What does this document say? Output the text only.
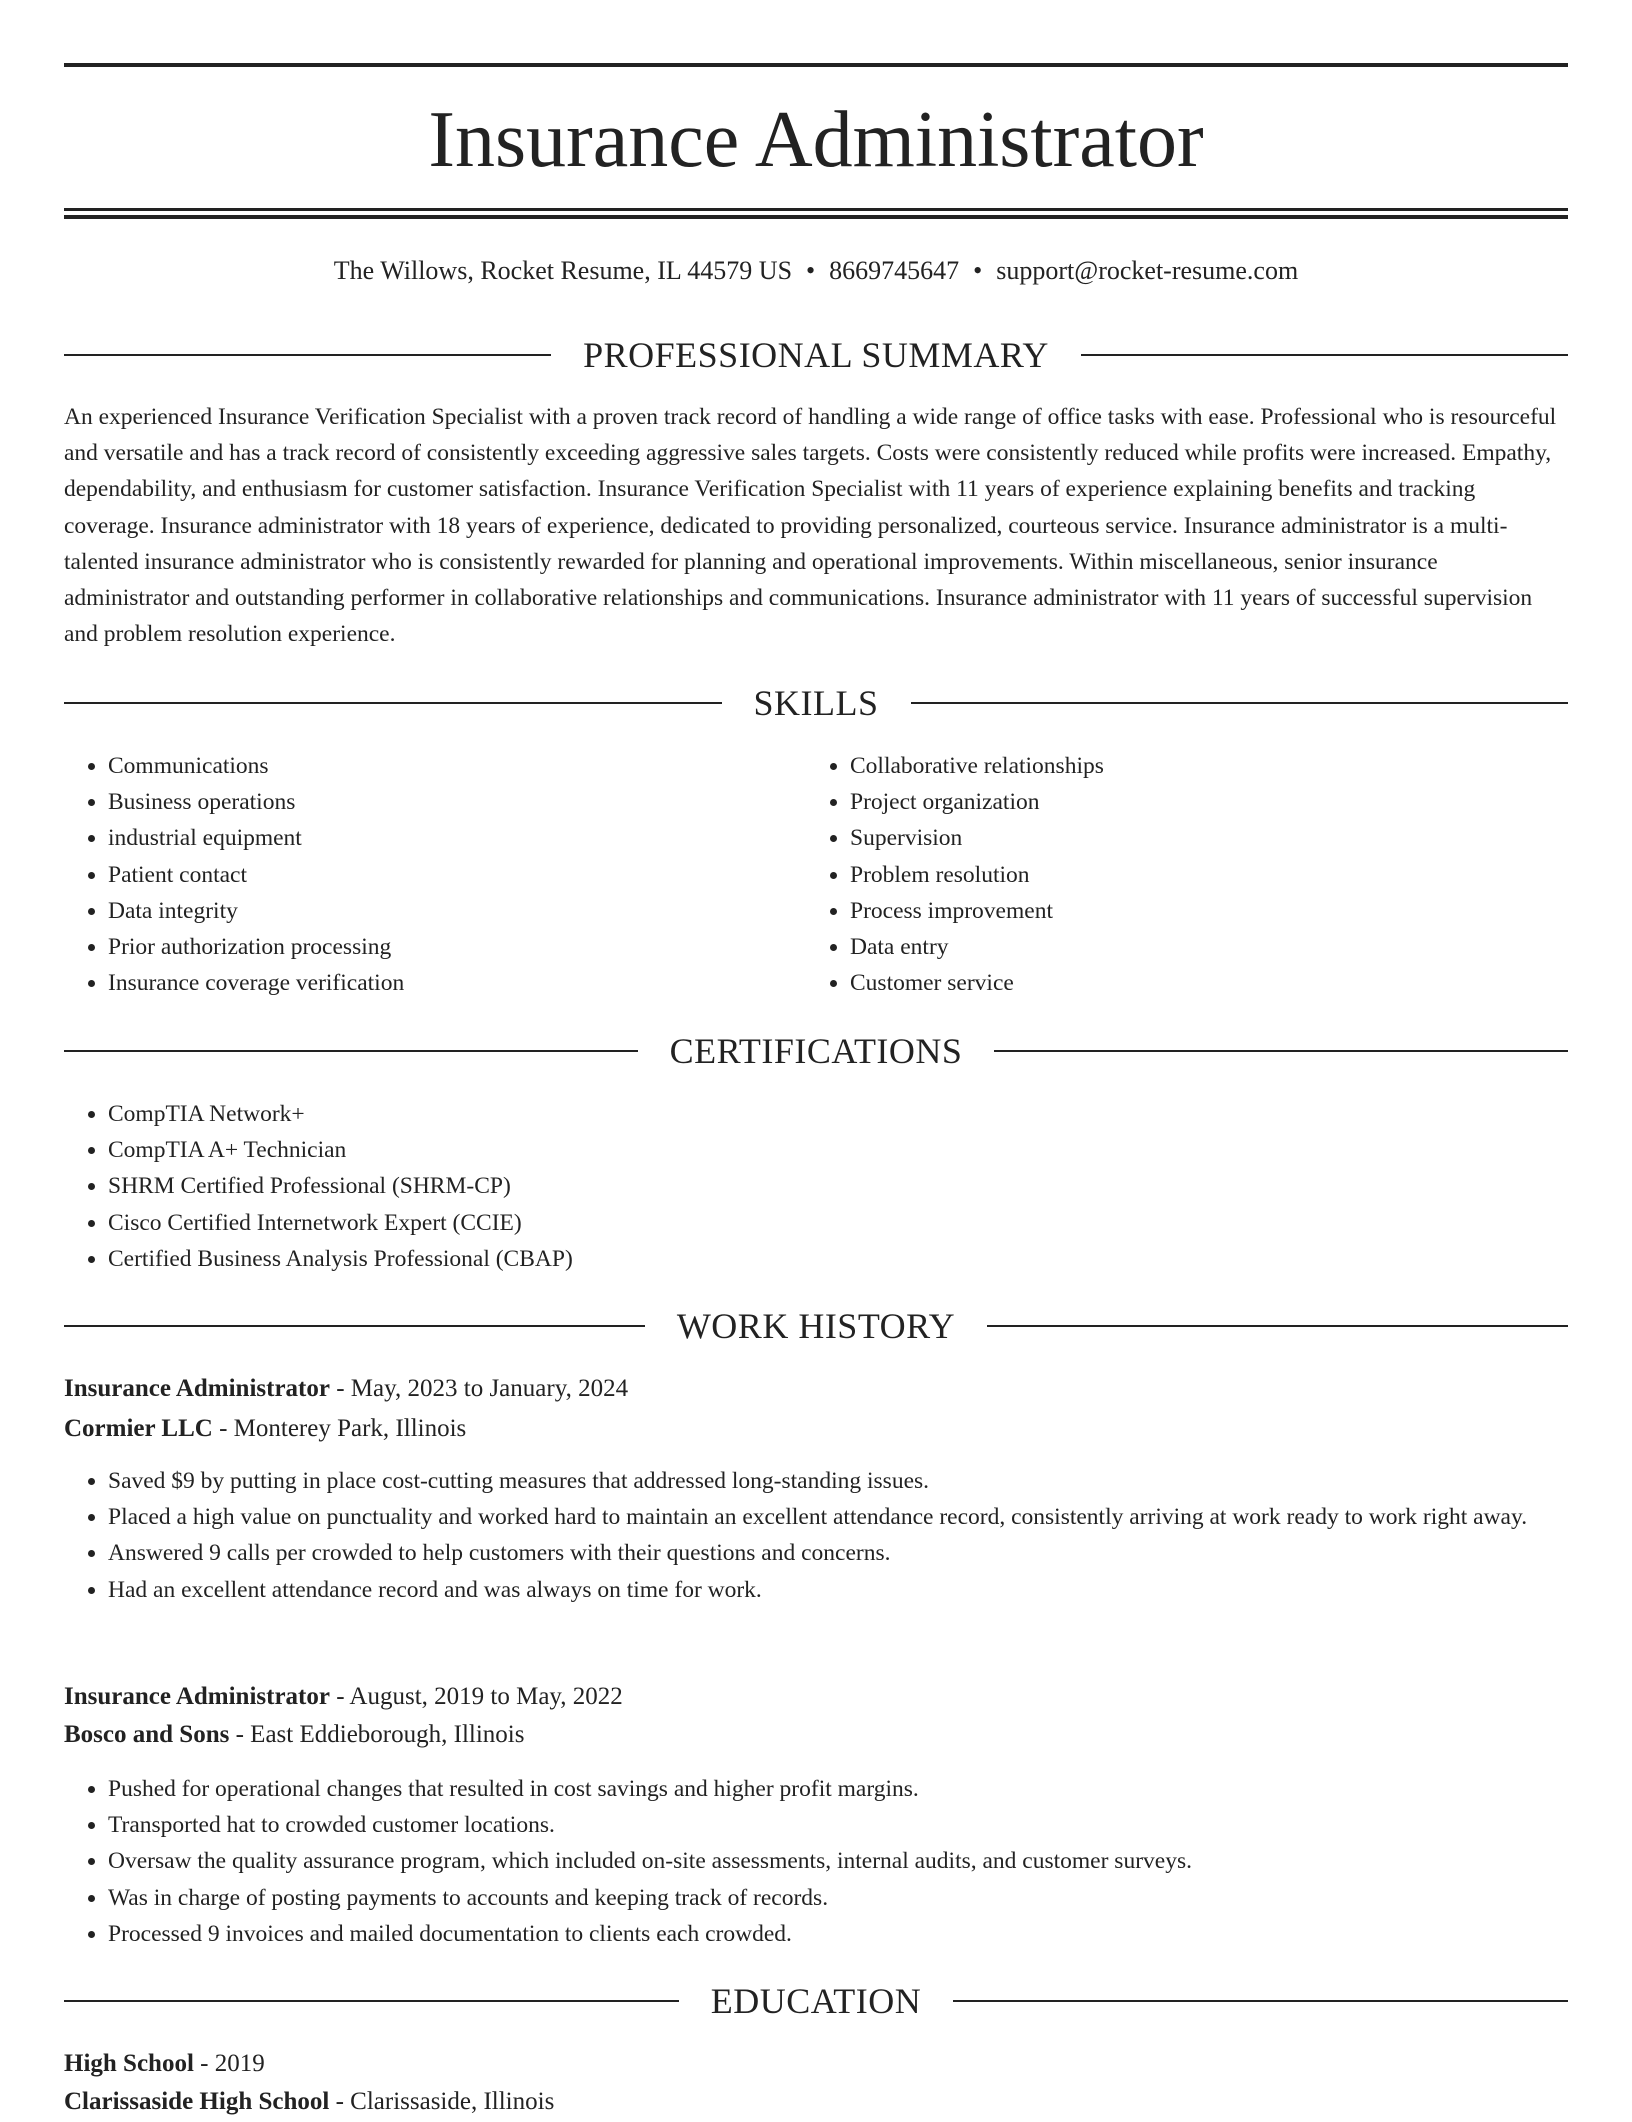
Insurance Administrator
The Willows, Rocket Resume, IL 44579 US • 8669745647 • support@rocket-resume.com
PROFESSIONAL SUMMARY

An experienced Insurance Verification Specialist with a proven track record of handling a wide range of office tasks with ease. Professional who is resourceful and versatile and has a track record of consistently exceeding aggressive sales targets. Costs were consistently reduced while profits were increased. Empathy, dependability, and enthusiasm for customer satisfaction. Insurance Verification Specialist with 11 years of experience explaining benefits and tracking coverage. Insurance administrator with 18 years of experience, dedicated to providing personalized, courteous service. Insurance administrator is a multi-talented insurance administrator who is consistently rewarded for planning and operational improvements. Within miscellaneous, senior insurance administrator and outstanding performer in collaborative relationships and communications. Insurance administrator with 11 years of successful supervision and problem resolution experience.

SKILLS
• Communications
• Business operations
• industrial equipment
• Patient contact
• Data integrity
• Prior authorization processing
• Insurance coverage verification
• Collaborative relationships
• Project organization
• Supervision
• Problem resolution
• Process improvement
• Data entry
• Customer service
CERTIFICATIONS
• CompTIA Network+
• CompTIA A+ Technician
• SHRM Certified Professional (SHRM-CP)
• Cisco Certified Internetwork Expert (CCIE)
• Certified Business Analysis Professional (CBAP)
WORK HISTORY
Insurance Administrator - May, 2023 to January, 2024
Cormier LLC - Monterey Park, Illinois
• Saved $9 by putting in place cost-cutting measures that addressed long-standing issues.
• Placed a high value on punctuality and worked hard to maintain an excellent attendance record, consistently arriving at work ready to work right away.
• Answered 9 calls per crowded to help customers with their questions and concerns.
• Had an excellent attendance record and was always on time for work.
Insurance Administrator - August, 2019 to May, 2022
Bosco and Sons - East Eddieborough, Illinois
• Pushed for operational changes that resulted in cost savings and higher profit margins.
• Transported hat to crowded customer locations.
• Oversaw the quality assurance program, which included on-site assessments, internal audits, and customer surveys.
• Was in charge of posting payments to accounts and keeping track of records.
• Processed 9 invoices and mailed documentation to clients each crowded.
EDUCATION
High School - 2019
Clarissaside High School - Clarissaside, Illinois
